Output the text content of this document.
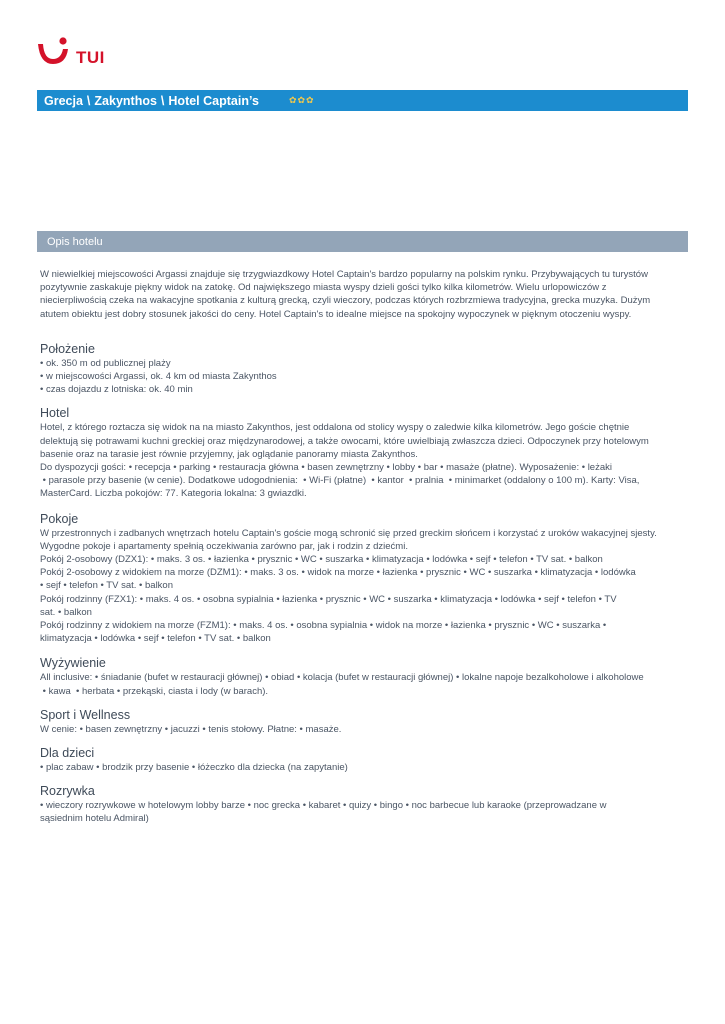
TUI
Grecja \ Zakynthos \ Hotel Captain’s	✿ ✿ ✿
Opis hotelu

W niewielkiej miejscowości Argassi znajduje się trzygwiazdkowy Hotel Captain's bardzo popularny na polskim rynku. Przybywających tu turystów

pozytywnie zaskakuje piękny widok na zatokę. Od największego miasta wyspy dzieli gości tylko kilka kilometrów. Wielu urlopowiczów z

niecierpliwością czeka na wakacyjne spotkania z kulturą grecką, czyli wieczory, podczas których rozbrzmiewa tradycyjna, grecka muzyka. Dużym

atutem obiektu jest dobry stosunek jakości do ceny. Hotel Captain's to idealne miejsce na spokojny wypoczynek w pięknym otoczeniu wyspy.

Położenie

• ok. 350 m od publicznej plaży

• w miejscowości Argassi, ok. 4 km od miasta Zakynthos

• czas dojazdu z lotniska: ok. 40 min

Hotel

Hotel, z którego roztacza się widok na na miasto Zakynthos, jest oddalona od stolicy wyspy o zaledwie kilka kilometrów. Jego goście chętnie

delektują się potrawami kuchni greckiej oraz międzynarodowej, a także owocami, które uwielbiają zwłaszcza dzieci. Odpoczynek przy hotelowym

basenie oraz na tarasie jest równie przyjemny, jak oglądanie panoramy miasta Zakynthos.

Do dyspozycji gości: • recepcja • parking • restauracja główna • basen zewnętrzny • lobby • bar • masaże (płatne). Wyposażenie: • leżaki

• parasole przy basenie (w cenie). Dodatkowe udogodnienia:  • Wi-Fi (płatne)  • kantor  • pralnia  • minimarket (oddalony o 100 m). Karty: Visa,

MasterCard. Liczba pokojów: 77. Kategoria lokalna: 3 gwiazdki.

Pokoje

W przestronnych i zadbanych wnętrzach hotelu Captain's goście mogą schronić się przed greckim słońcem i korzystać z uroków wakacyjnej sjesty.

Wygodne pokoje i apartamenty spełnią oczekiwania zarówno par, jak i rodzin z dziećmi.

Pokój 2-osobowy (DZX1): • maks. 3 os. • łazienka • prysznic • WC • suszarka • klimatyzacja • lodówka • sejf • telefon • TV sat. • balkon

Pokój 2-osobowy z widokiem na morze (DZM1): • maks. 3 os. • widok na morze • łazienka • prysznic • WC • suszarka • klimatyzacja • lodówka

• sejf • telefon • TV sat. • balkon

Pokój rodzinny (FZX1): • maks. 4 os. • osobna sypialnia • łazienka • prysznic • WC • suszarka • klimatyzacja • lodówka • sejf • telefon • TV

sat. • balkon

Pokój rodzinny z widokiem na morze (FZM1): • maks. 4 os. • osobna sypialnia • widok na morze • łazienka • prysznic • WC • suszarka •

klimatyzacja • lodówka • sejf • telefon • TV sat. • balkon

Wyżywienie

All inclusive: • śniadanie (bufet w restauracji głównej) • obiad • kolacja (bufet w restauracji głównej) • lokalne napoje bezalkoholowe i alkoholowe

• kawa  • herbata • przekąski, ciasta i lody (w barach).

Sport i Wellness

W cenie: • basen zewnętrzny • jacuzzi • tenis stołowy. Płatne: • masaże.

Dla dzieci

• plac zabaw • brodzik przy basenie • łóżeczko dla dziecka (na zapytanie)

Rozrywka

• wieczory rozrywkowe w hotelowym lobby barze • noc grecka • kabaret • quizy • bingo • noc barbecue lub karaoke (przeprowadzane w

sąsiednim hotelu Admiral)
